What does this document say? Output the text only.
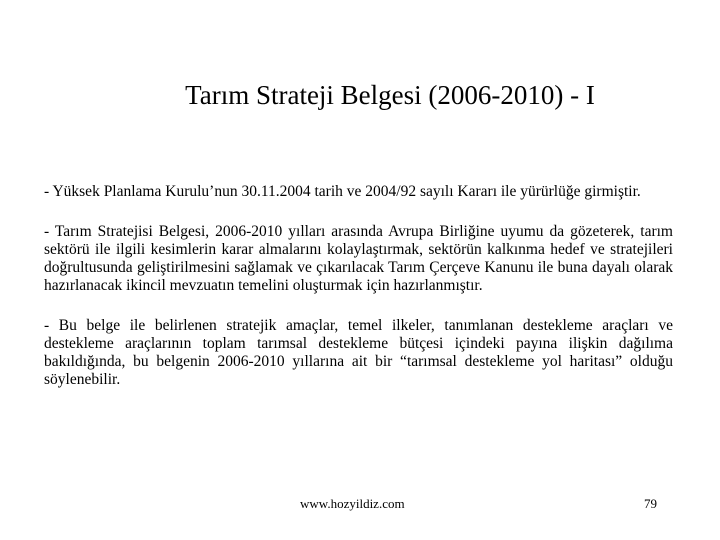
Tarım Strateji Belgesi (2006-2010) - I

- Yüksek Planlama Kurulu’nun 30.11.2004 tarih ve 2004/92 sayılı Kararı ile yürürlüğe girmiştir.

- Tarım Stratejisi Belgesi, 2006-2010 yılları arasında Avrupa Birliğine uyumu da gözeterek, tarım sektörü ile ilgili kesimlerin karar almalarını kolaylaştırmak, sektörün kalkınma hedef ve stratejileri doğrultusunda geliştirilmesini sağlamak ve çıkarılacak Tarım Çerçeve Kanunu ile buna dayalı olarak hazırlanacak ikincil mevzuatın temelini oluşturmak için hazırlanmıştır.

- Bu belge ile belirlenen stratejik amaçlar, temel ilkeler, tanımlanan destekleme araçları ve destekleme araçlarının toplam tarımsal destekleme bütçesi içindeki payına ilişkin dağılıma bakıldığında, bu belgenin 2006-2010 yıllarına ait bir “tarımsal destekleme yol haritası” olduğu söylenebilir.

www.hozyildiz.com	79
